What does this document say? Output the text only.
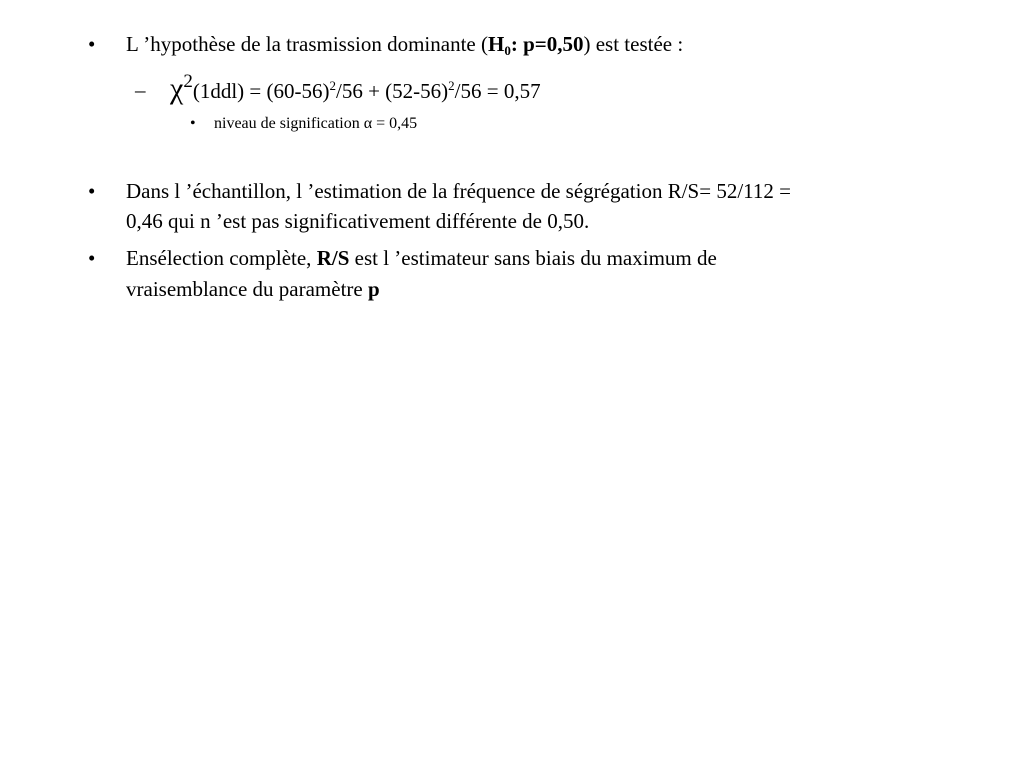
• L ’hypothèse de la trasmission dominante ($H_0$: p=0,50) est testée :
– $\chi^2(1ddl) = (60-56)^2/56 + (52-56)^2/56 = 0,57$
• niveau de signification α = 0,45
• Dans l ’échantillon, l ’estimation de la fréquence de ségrégation R/S= 52/112 =
0,46 qui n ’est pas significativement différente de 0,50.
• Ensélection complète, R/S est l ’estimateur sans biais du maximum de
vraisemblance du paramètre p
